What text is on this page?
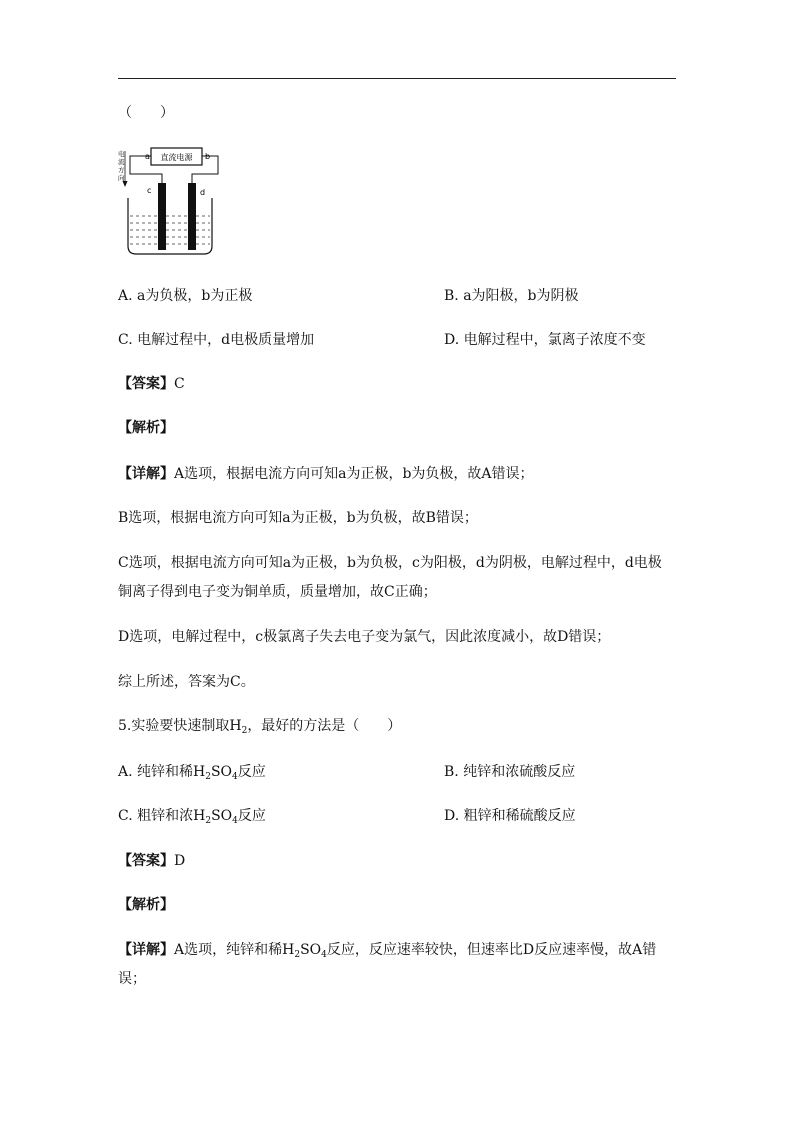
（　　）
直流电源
电流方向
a	b
c	d
A. a为负极，b为正极	B. a为阳极，b为阴极
C. 电解过程中，d电极质量增加	D. 电解过程中，氯离子浓度不变
【答案】C
【解析】
【详解】A选项，根据电流方向可知a为正极，b为负极，故A错误；
B选项，根据电流方向可知a为正极，b为负极，故B错误；
C选项，根据电流方向可知a为正极，b为负极，c为阳极，d为阴极，电解过程中，d电极
铜离子得到电子变为铜单质，质量增加，故C正确；
D选项，电解过程中，c极氯离子失去电子变为氯气，因此浓度减小，故D错误；
综上所述，答案为C。
5.实验要快速制取$H_2$，最好的方法是（　　）
A. 纯锌和稀$H_2SO_4$反应	B. 纯锌和浓硫酸反应
C. 粗锌和浓$H_2SO_4$反应	D. 粗锌和稀硫酸反应
【答案】D
【解析】
【详解】A选项，纯锌和稀$H_2SO_4$反应，反应速率较快，但速率比D反应速率慢，故A错
误；
